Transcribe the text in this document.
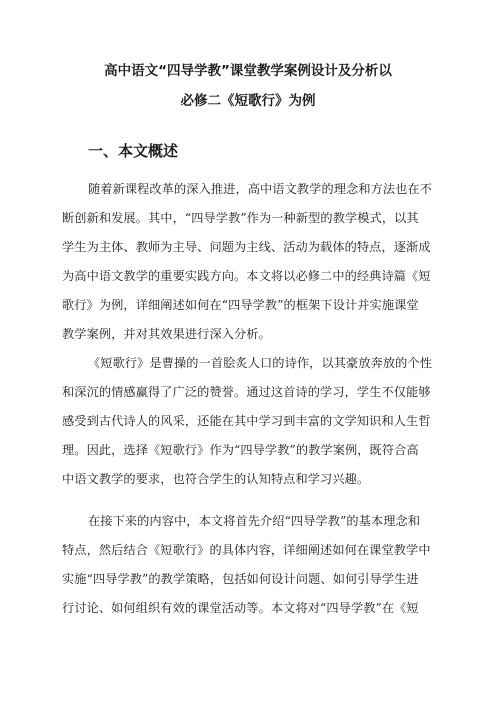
高中语文“四导学教”课堂教学案例设计及分析以
必修二《短歌行》为例
一、本文概述
随着新课程改革的深入推进，高中语文教学的理念和方法也在不
断创新和发展。其中，“四导学教”作为一种新型的教学模式，以其
学生为主体、教师为主导、问题为主线、活动为载体的特点，逐渐成
为高中语文教学的重要实践方向。本文将以必修二中的经典诗篇《短
歌行》为例，详细阐述如何在“四导学教”的框架下设计并实施课堂
教学案例，并对其效果进行深入分析。
《短歌行》是曹操的一首脍炙人口的诗作，以其豪放奔放的个性
和深沉的情感赢得了广泛的赞誉。通过这首诗的学习，学生不仅能够
感受到古代诗人的风采，还能在其中学习到丰富的文学知识和人生哲
理。因此，选择《短歌行》作为“四导学教”的教学案例，既符合高
中语文教学的要求，也符合学生的认知特点和学习兴趣。
在接下来的内容中，本文将首先介绍“四导学教”的基本理念和
特点，然后结合《短歌行》的具体内容，详细阐述如何在课堂教学中
实施“四导学教”的教学策略，包括如何设计问题、如何引导学生进
行讨论、如何组织有效的课堂活动等。本文将对“四导学教”在《短
